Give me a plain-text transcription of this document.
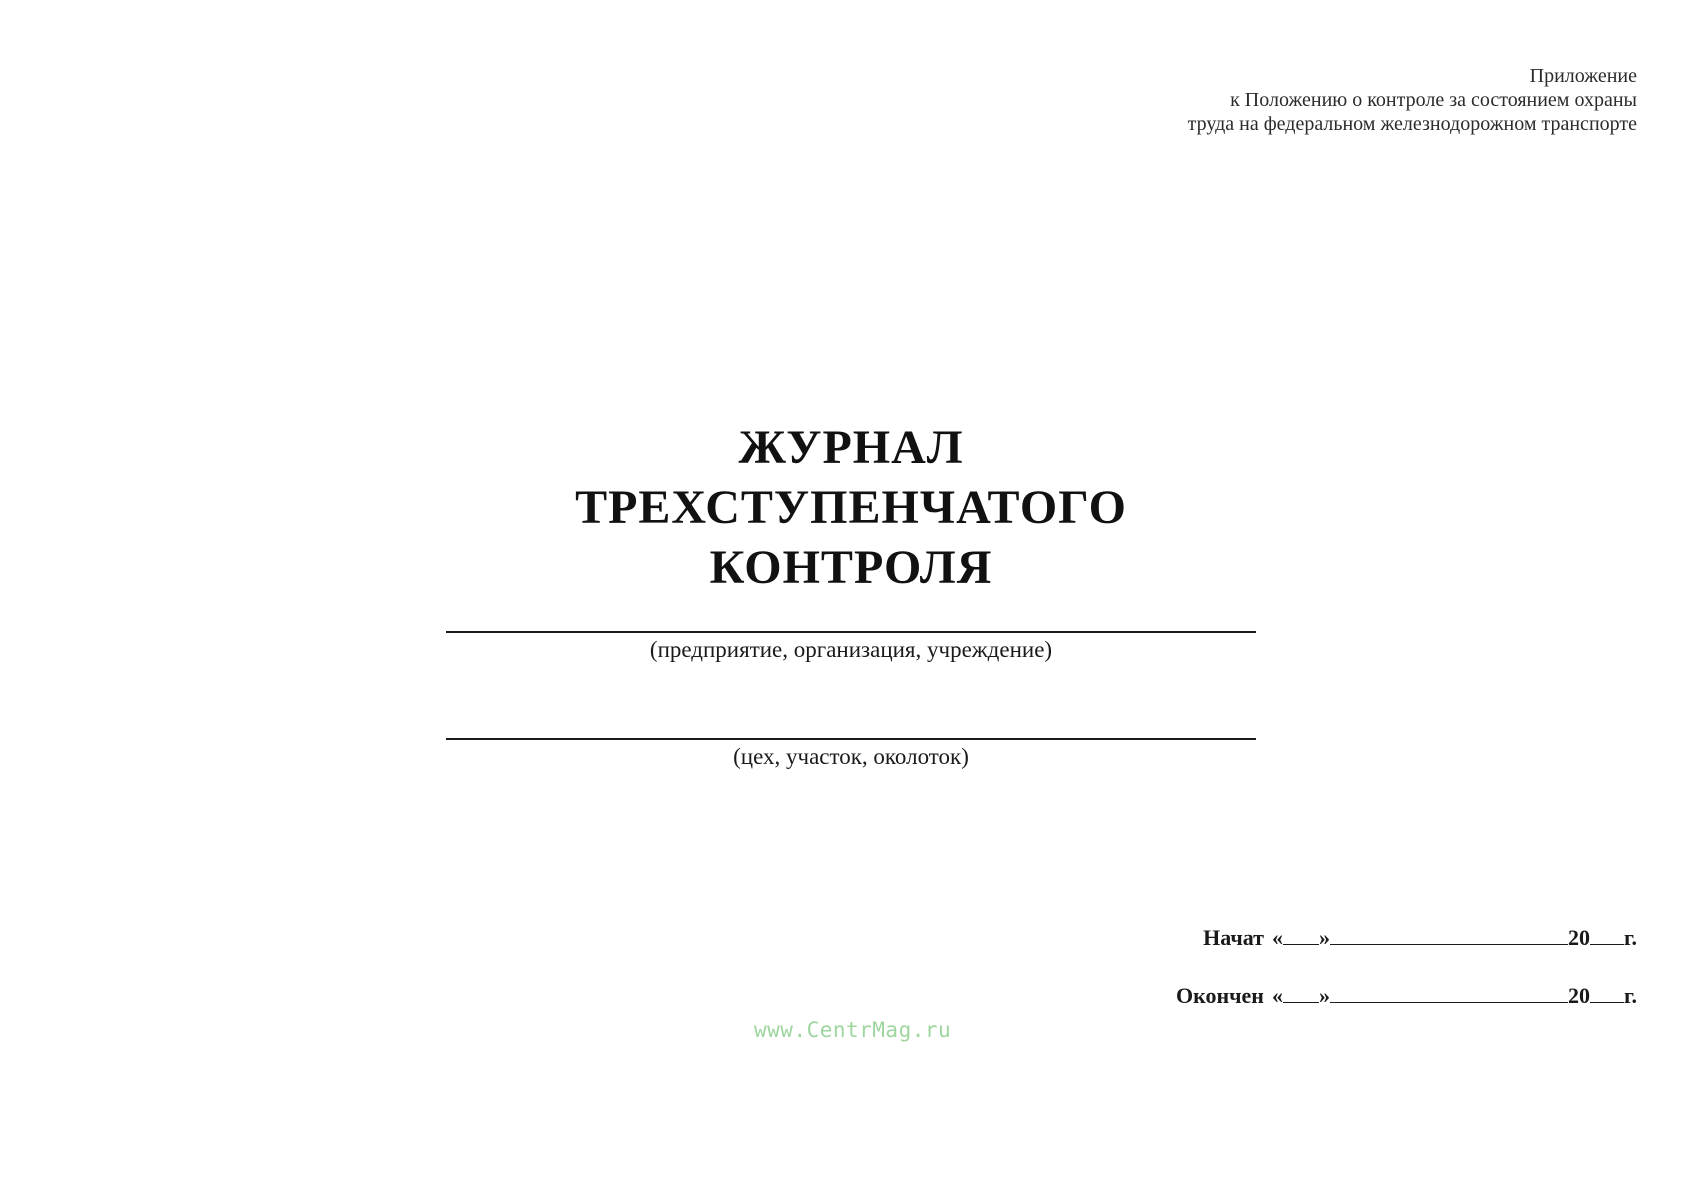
Приложение
к Положению о контроле за состоянием охраны
труда на федеральном железнодорожном транспорте
ЖУРНАЛ
ТРЕХСТУПЕНЧАТОГО КОНТРОЛЯ
(предприятие, организация, учреждение)
(цех, участок, околоток)
Начат « »	20 г.
Окончен « »	20 г.
www.CentrMag.ru
